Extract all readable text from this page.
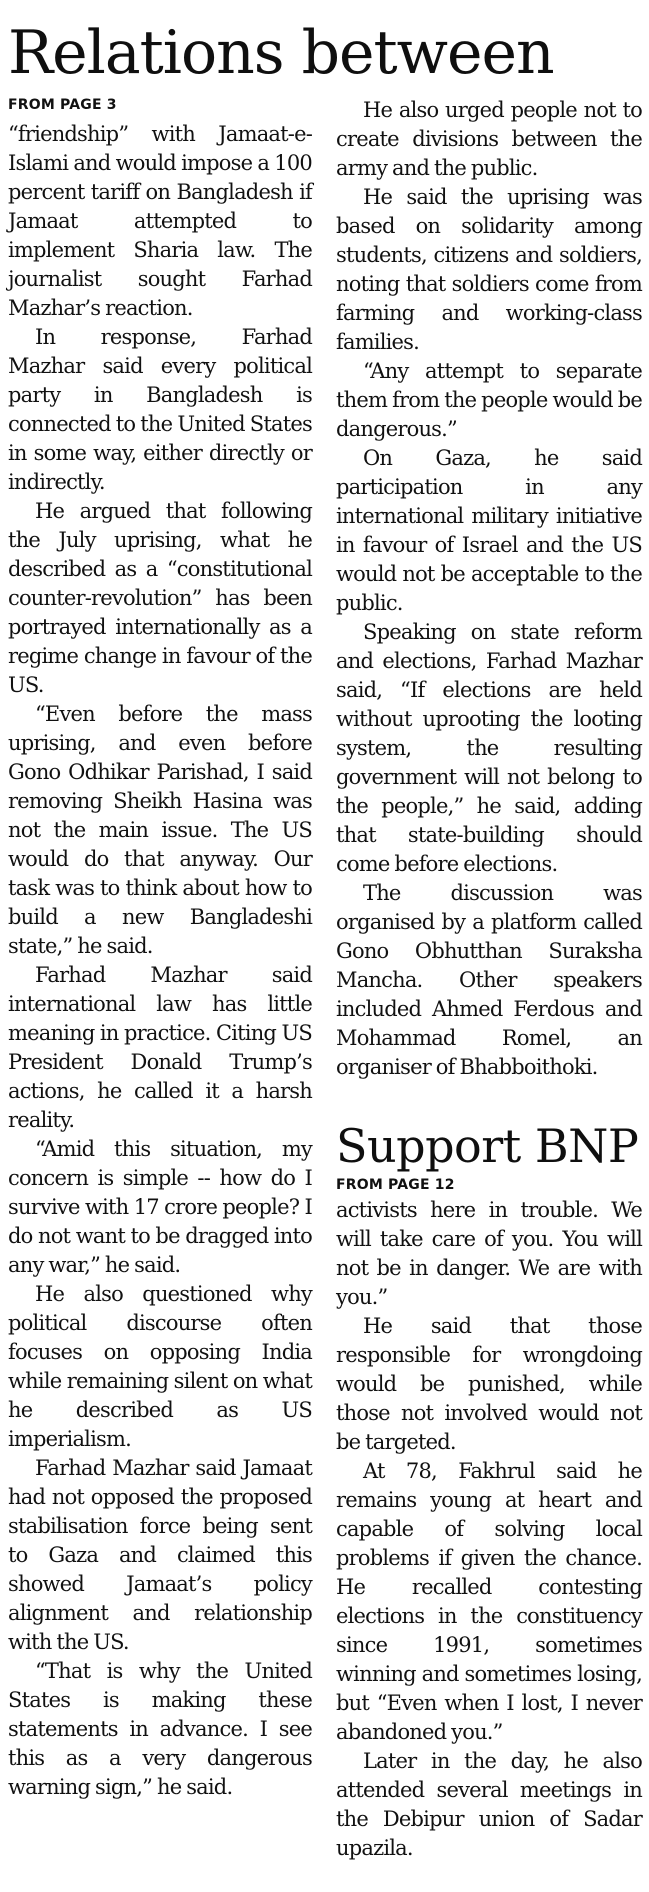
Relations between
FROM PAGE 3

“friendship” with Jamaat-e-Islami and would impose a 100 percent tariff on Bangladesh if Jamaat attempted to implement Sharia law. The journalist sought Farhad Mazhar’s reaction.

In response, Farhad Mazhar said every political party in Bangladesh is connected to the United States in some way, either directly or indirectly.

He argued that following the July uprising, what he described as a “constitutional counter-revolution” has been portrayed internationally as a regime change in favour of the US.

“Even before the mass uprising, and even before Gono Odhikar Parishad, I said removing Sheikh Hasina was not the main issue. The US would do that anyway. Our task was to think about how to build a new Bangladeshi state,” he said.

Farhad Mazhar said international law has little meaning in practice. Citing US President Donald Trump’s actions, he called it a harsh reality.

“Amid this situation, my concern is simple -- how do I survive with 17 crore people? I do not want to be dragged into any war,” he said.

He also questioned why political discourse often focuses on opposing India while remaining silent on what he described as US imperialism.

Farhad Mazhar said Jamaat had not opposed the proposed stabilisation force being sent to Gaza and claimed this showed Jamaat’s policy alignment and relationship with the US.

“That is why the United States is making these statements in advance. I see this as a very dangerous warning sign,” he said.

He also urged people not to create divisions between the army and the public.

He said the uprising was based on solidarity among students, citizens and soldiers, noting that soldiers come from farming and working-class families.

“Any attempt to separate them from the people would be dangerous.”

On Gaza, he said participation in any international military initiative in favour of Israel and the US would not be acceptable to the public.

Speaking on state reform and elections, Farhad Mazhar said, “If elections are held without uprooting the looting system, the resulting government will not belong to the people,” he said, adding that state-building should come before elections.

The discussion was organised by a platform called Gono Obhutthan Suraksha Mancha. Other speakers included Ahmed Ferdous and Mohammad Romel, an organiser of Bhabboithoki.

Support BNP
FROM PAGE 12

activists here in trouble. We will take care of you. You will not be in danger. We are with you.”

He said that those responsible for wrongdoing would be punished, while those not involved would not be targeted.

At 78, Fakhrul said he remains young at heart and capable of solving local problems if given the chance. He recalled contesting elections in the constituency since 1991, sometimes winning and sometimes losing, but “Even when I lost, I never abandoned you.”

Later in the day, he also attended several meetings in the Debipur union of Sadar upazila.
